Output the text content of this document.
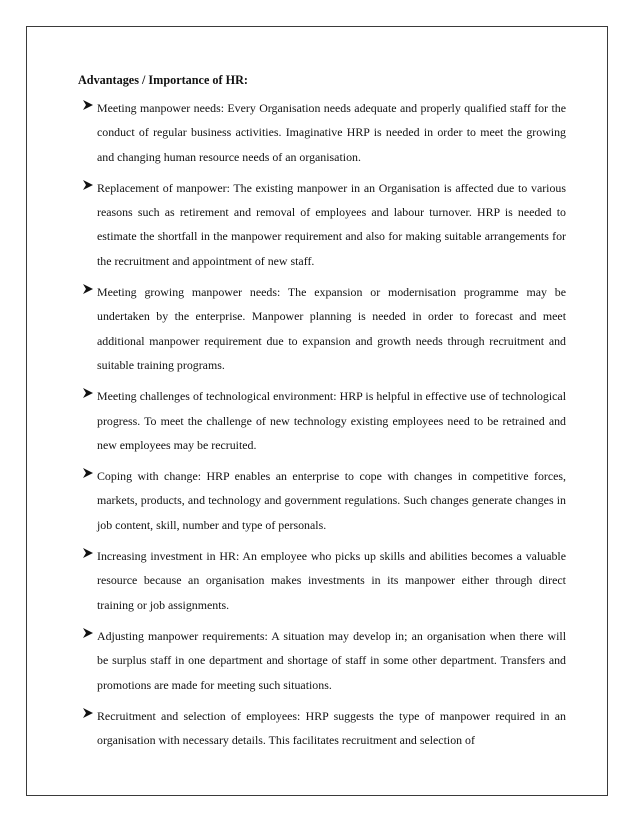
Advantages / Importance of HR:
Meeting manpower needs: Every Organisation needs adequate and properly qualified staff for the conduct of regular business activities. Imaginative HRP is needed in order to meet the growing and changing human resource needs of an organisation.
Replacement of manpower: The existing manpower in an Organisation is affected due to various reasons such as retirement and removal of employees and labour turnover. HRP is needed to estimate the shortfall in the manpower requirement and also for making suitable arrangements for the recruitment and appointment of new staff.
Meeting growing manpower needs: The expansion or modernisation programme may be undertaken by the enterprise. Manpower planning is needed in order to forecast and meet additional manpower requirement due to expansion and growth needs through recruitment and suitable training programs.
Meeting challenges of technological environment: HRP is helpful in effective use of technological progress. To meet the challenge of new technology existing employees need to be retrained and new employees may be recruited.
Coping with change: HRP enables an enterprise to cope with changes in competitive forces, markets, products, and technology and government regulations. Such changes generate changes in job content, skill, number and type of personals.
Increasing investment in HR: An employee who picks up skills and abilities becomes a valuable resource because an organisation makes investments in its manpower either through direct training or job assignments.
Adjusting manpower requirements: A situation may develop in; an organisation when there will be surplus staff in one department and shortage of staff in some other department. Transfers and promotions are made for meeting such situations.
Recruitment and selection of employees: HRP suggests the type of manpower required in an organisation with necessary details. This facilitates recruitment and selection of
